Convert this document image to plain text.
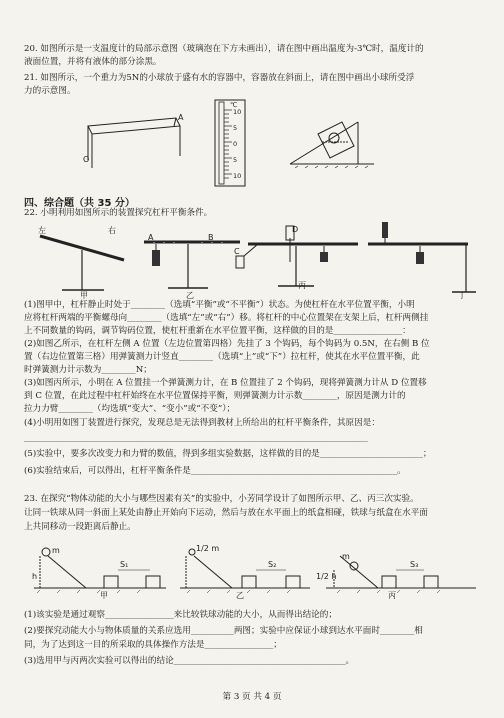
20. 如图所示是一支温度计的局部示意图（玻璃泡在下方未画出），请在图中画出温度为-3℃时，温度计的
液面位置，并将有液体的部分涂黑。
21. 如图所示，一个重力为5N的小球放于盛有水的容器中，容器放在斜面上，请在图中画出小球所受浮
力的示意图。
A
O
℃
10
5
0
5
10
四、综合题（共 35 分）
22. 小明利用如图所示的装置探究杠杆平衡条件。
左	右
甲	乙
丙
丁
A	B
C
D
(1)图甲中，杠杆静止时处于________（选填“平衡”或“不平衡”）状态。为使杠杆在水平位置平衡，小明
应将杠杆两端的平衡螺母向________（选填“左”或“右”）移。将杠杆的中心位置架在支架上后，杠杆两侧挂
上不同数量的钩码，调节钩码位置，使杠杆重新在水平位置平衡，这样做的目的是________________：
(2)如图乙所示，在杠杆左侧 A 位置（左边位置第四格）先挂了 3 个钩码，每个钩码为 0.5N，在右侧 B 位
置（右边位置第三格）用弹簧测力计竖直________（选填“上”或“下”）拉杠杆，使其在水平位置平衡，此
时弹簧测力计示数为________N；
(3)如图丙所示，小明在 A 位置挂一个弹簧测力计，在 B 位置挂了 2 个钩码，现将弹簧测力计从 D 位置移
到 C 位置，在此过程中杠杆始终在水平位置保持平衡，则弹簧测力计示数________，原因是测力计的
拉力力臂________（均选填“变大”、“变小”或“不变”）；
(4)小明用如图丁装置进行探究，发现总是无法得到教材上所给出的杠杆平衡条件，其原因是：
________________________________________________________________________________
(5)实验中，要多次改变力和力臂的数值，得到多组实验数据，这样做的目的是________________________；
(6)实验结束后，可以得出，杠杆平衡条件是________________________________________________。
23. 在探究“物体动能的大小与哪些因素有关”的实验中，小芳同学设计了如图所示甲、乙、丙三次实验。
让同一铁球从同一斜面上某处由静止开始向下运动，然后与放在水平面上的纸盒相碰，铁球与纸盒在水平面
上共同移动一段距离后静止。
m
h
S₁
甲
1/2 m
S₂
乙
m
1/2 h
S₃
丙
(1)该实验是通过观察________________来比较铁球动能的大小，从而得出结论的；
(2)要探究动能大小与物体质量的关系应选用__________两图；实验中应保证小球到达水平面时________相
同，为了达到这一目的所采取的具体操作方法是________________；
(3)选用甲与丙两次实验可以得出的结论________________________________________。
第 3 页 共 4 页
